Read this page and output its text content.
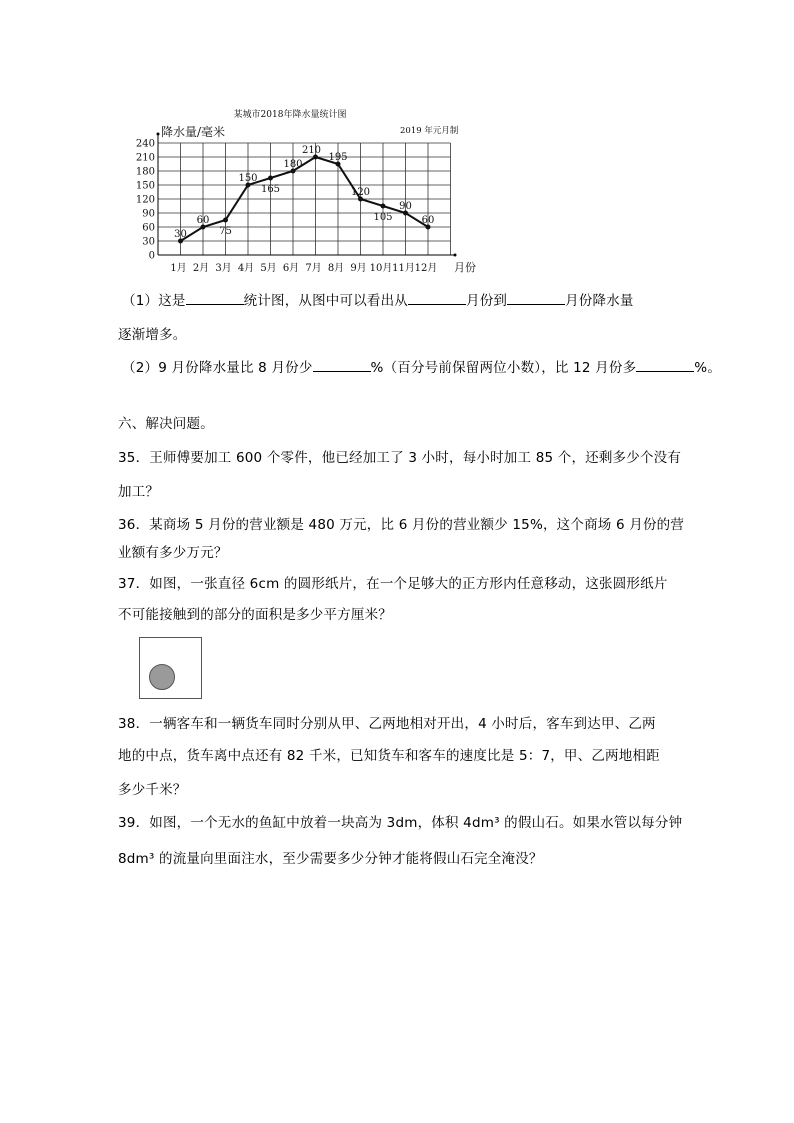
某城市2018年降水量统计图
降水量/毫米	2019 年元月制
月份
0
30
60
90
120
150
180
210
240
1月 2月 3月 4月 5月 6月 7月 8月 9月 10月 11月 12月
30
60
75
150
165
180
210
195
120
105
90
60
（1）这是	统计图，从图中可以看出从	月份到	月份降水量
逐渐增多。
（2）9 月份降水量比 8 月份少	%（百分号前保留两位小数），比 12 月份多	%。
六、解决问题。
35．王师傅要加工 600 个零件，他已经加工了 3 小时，每小时加工 85 个，还剩多少个没有
加工？
36．某商场 5 月份的营业额是 480 万元，比 6 月份的营业额少 15%，这个商场 6 月份的营
业额有多少万元？
37．如图，一张直径 6cm 的圆形纸片，在一个足够大的正方形内任意移动，这张圆形纸片
不可能接触到的部分的面积是多少平方厘米？
38．一辆客车和一辆货车同时分别从甲、乙两地相对开出，4 小时后，客车到达甲、乙两
地的中点，货车离中点还有 82 千米，已知货车和客车的速度比是 5：7，甲、乙两地相距
多少千米？
39．如图，一个无水的鱼缸中放着一块高为 3dm，体积 4dm³ 的假山石。如果水管以每分钟
8dm³ 的流量向里面注水，至少需要多少分钟才能将假山石完全淹没？
